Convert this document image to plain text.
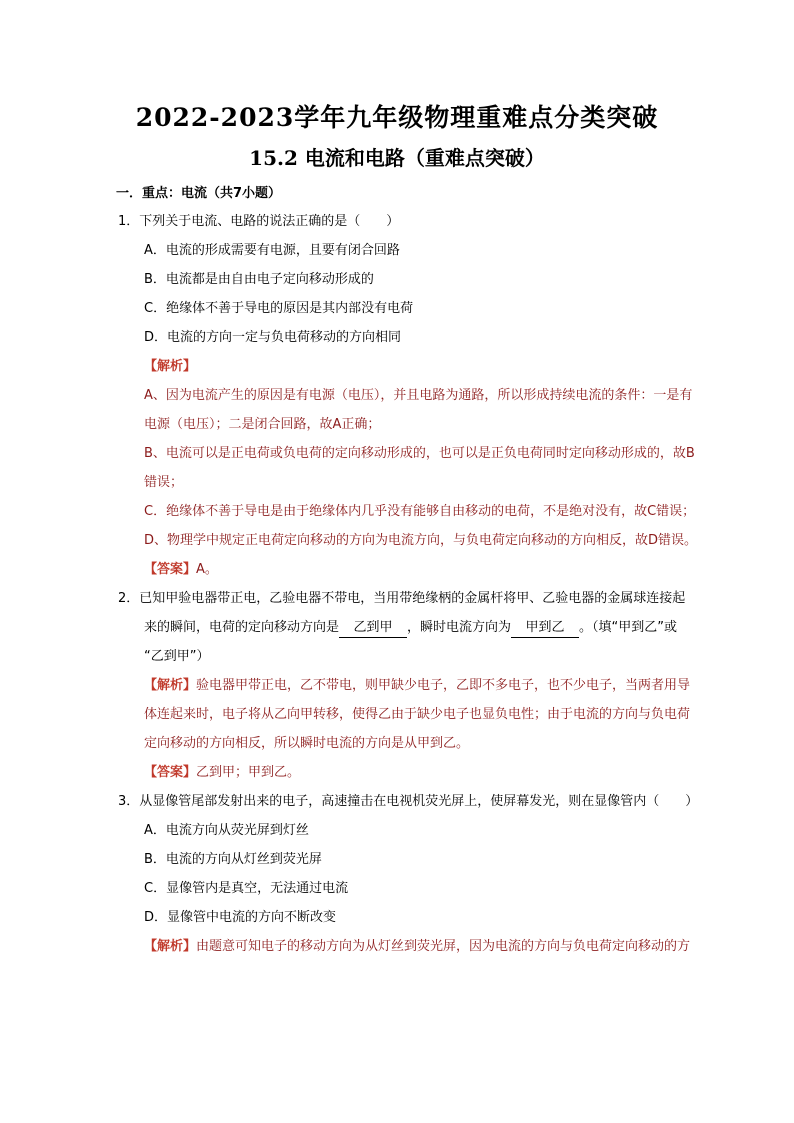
2022-2023学年九年级物理重难点分类突破
15.2 电流和电路（重难点突破）
一．重点：电流（共7小题）
1．下列关于电流、电路的说法正确的是（　　）
A．电流的形成需要有电源，且要有闭合回路
B．电流都是由自由电子定向移动形成的
C．绝缘体不善于导电的原因是其内部没有电荷
D．电流的方向一定与负电荷移动的方向相同
【解析】
A、因为电流产生的原因是有电源（电压），并且电路为通路，所以形成持续电流的条件：一是有
电源（电压）；二是闭合回路，故A正确；
B、电流可以是正电荷或负电荷的定向移动形成的，也可以是正负电荷同时定向移动形成的，故B
错误；
C．绝缘体不善于导电是由于绝缘体内几乎没有能够自由移动的电荷，不是绝对没有，故C错误；
D、物理学中规定正电荷定向移动的方向为电流方向，与负电荷定向移动的方向相反，故D错误。
【答案】A。
2．已知甲验电器带正电，乙验电器不带电，当用带绝缘柄的金属杆将甲、乙验电器的金属球连接起
来的瞬间，电荷的定向移动方向是 乙到甲 ，瞬时电流方向为 甲到乙 。（填“甲到乙”或
“乙到甲”）
【解析】验电器甲带正电，乙不带电，则甲缺少电子，乙即不多电子，也不少电子，当两者用导
体连起来时，电子将从乙向甲转移，使得乙由于缺少电子也显负电性；由于电流的方向与负电荷
定向移动的方向相反，所以瞬时电流的方向是从甲到乙。
【答案】乙到甲；甲到乙。
3．从显像管尾部发射出来的电子，高速撞击在电视机荧光屏上，使屏幕发光，则在显像管内（　　）
A．电流方向从荧光屏到灯丝
B．电流的方向从灯丝到荧光屏
C．显像管内是真空，无法通过电流
D．显像管中电流的方向不断改变
【解析】由题意可知电子的移动方向为从灯丝到荧光屏，因为电流的方向与负电荷定向移动的方
